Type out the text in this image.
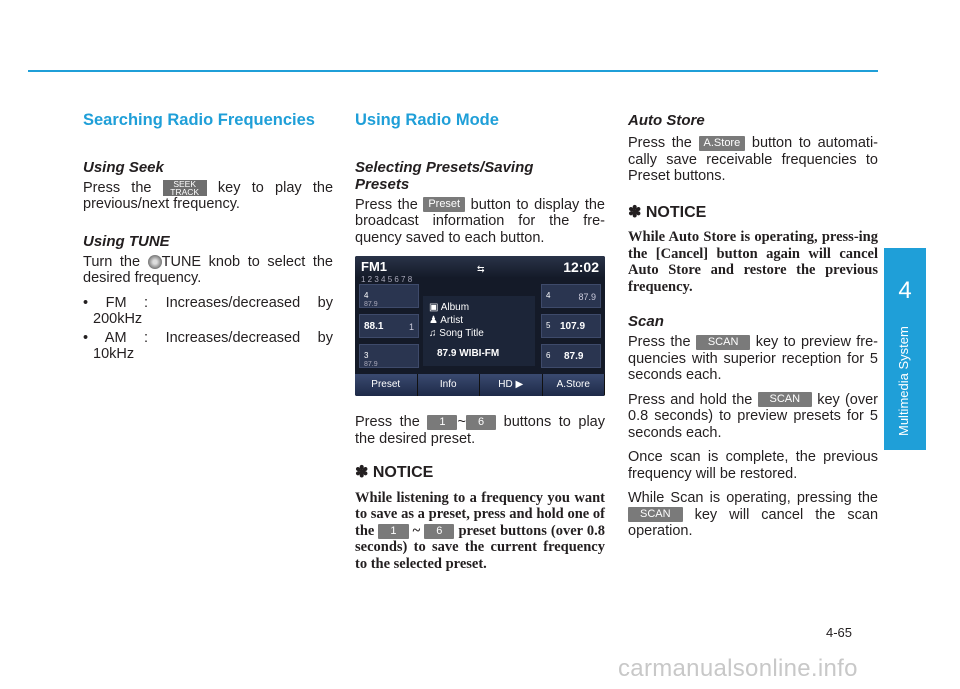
Searching Radio Frequencies
Using Seek

Press the	SEEK
TRACK	key to play the previous/next frequency.

Using TUNE

Turn the TUNE knob to select the desired frequency.

• FM : Increases/decreased by
200kHz
• AM : Increases/decreased by
10kHz
Using Radio Mode
Selecting Presets/Saving Presets

Press the Preset button to display the broadcast information for the fre-quency saved to each button.

FM1	⇆	12:02
1 2 3 4 5 6 7 8
4
87.9
88.1	1
3
87.9
4	87.9
5 107.9
6 87.9
▣ Album
♟ Artist
♫ Song Title
87.9 WIBI-FM
Preset	Info	HD ▶	A.Store

Press the 1 ~ 6 buttons to play the desired preset.

✽ NOTICE

While listening to a frequency you want to save as a preset, press and hold one of the 1 ~ 6 preset buttons (over 0.8 seconds) to save the current frequency to the selected preset.

Auto Store

Press the A.Store button to automati-cally save receivable frequencies to Preset buttons.

✽ NOTICE

While Auto Store is operating, press-ing the [Cancel] button again will cancel Auto Store and restore the previous frequency.

Scan

Press the SCAN key to preview fre-quencies with superior reception for 5 seconds each.

Press and hold the SCAN key (over 0.8 seconds) to preview presets for 5 seconds each.

Once scan is complete, the previous frequency will be restored.

While Scan is operating, pressing the SCAN key will cancel the scan operation.

4
Multimedia System
4-65
carmanualsonline.info
